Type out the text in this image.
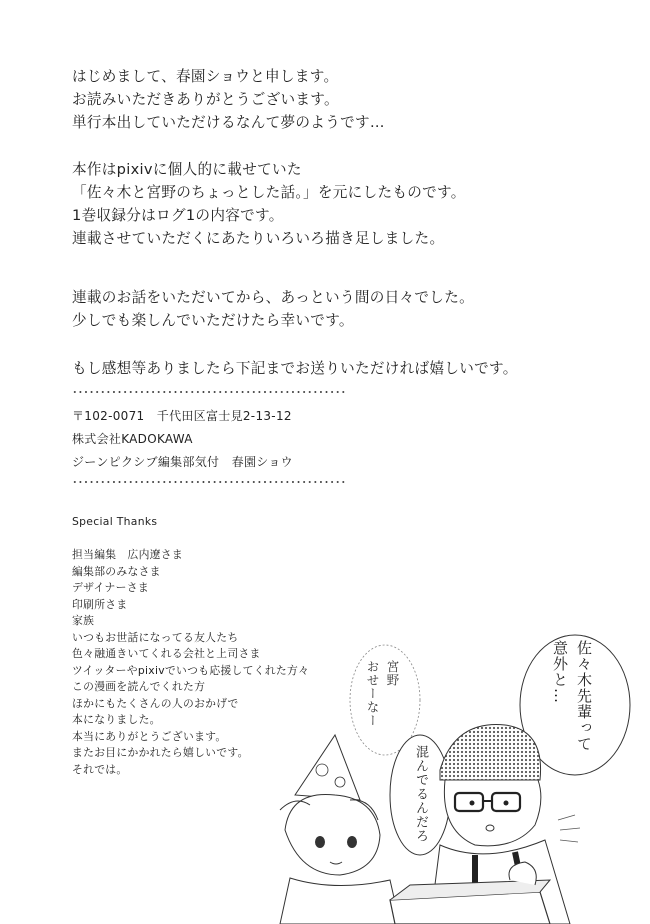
はじめまして、春園ショウと申します。
お読みいただきありがとうございます。
単行本出していただけるなんて夢のようです…
本作はpixivに個人的に載せていた
「佐々木と宮野のちょっとした話。」を元にしたものです。
1巻収録分はログ1の内容です。
連載させていただくにあたりいろいろ描き足しました。
連載のお話をいただいてから、あっという間の日々でした。
少しでも楽しんでいただけたら幸いです。
もし感想等ありましたら下記までお送りいただければ嬉しいです。
〒102-0071　千代田区富士見2-13-12
株式会社KADOKAWA
ジーンピクシブ編集部気付　春園ショウ
Special Thanks
担当編集　広内遼さま
編集部のみなさま
デザイナーさま
印刷所さま
家族
いつもお世話になってる友人たち
色々融通きいてくれる会社と上司さま
ツイッターやpixivでいつも応援してくれた方々
この漫画を読んでくれた方
ほかにもたくさんの人のおかげで
本になりました。
本当にありがとうございます。
またお目にかかれたら嬉しいです。
それでは。
佐々木先輩って
意外と…
宮野
おせーなー
混んでるんだろ
